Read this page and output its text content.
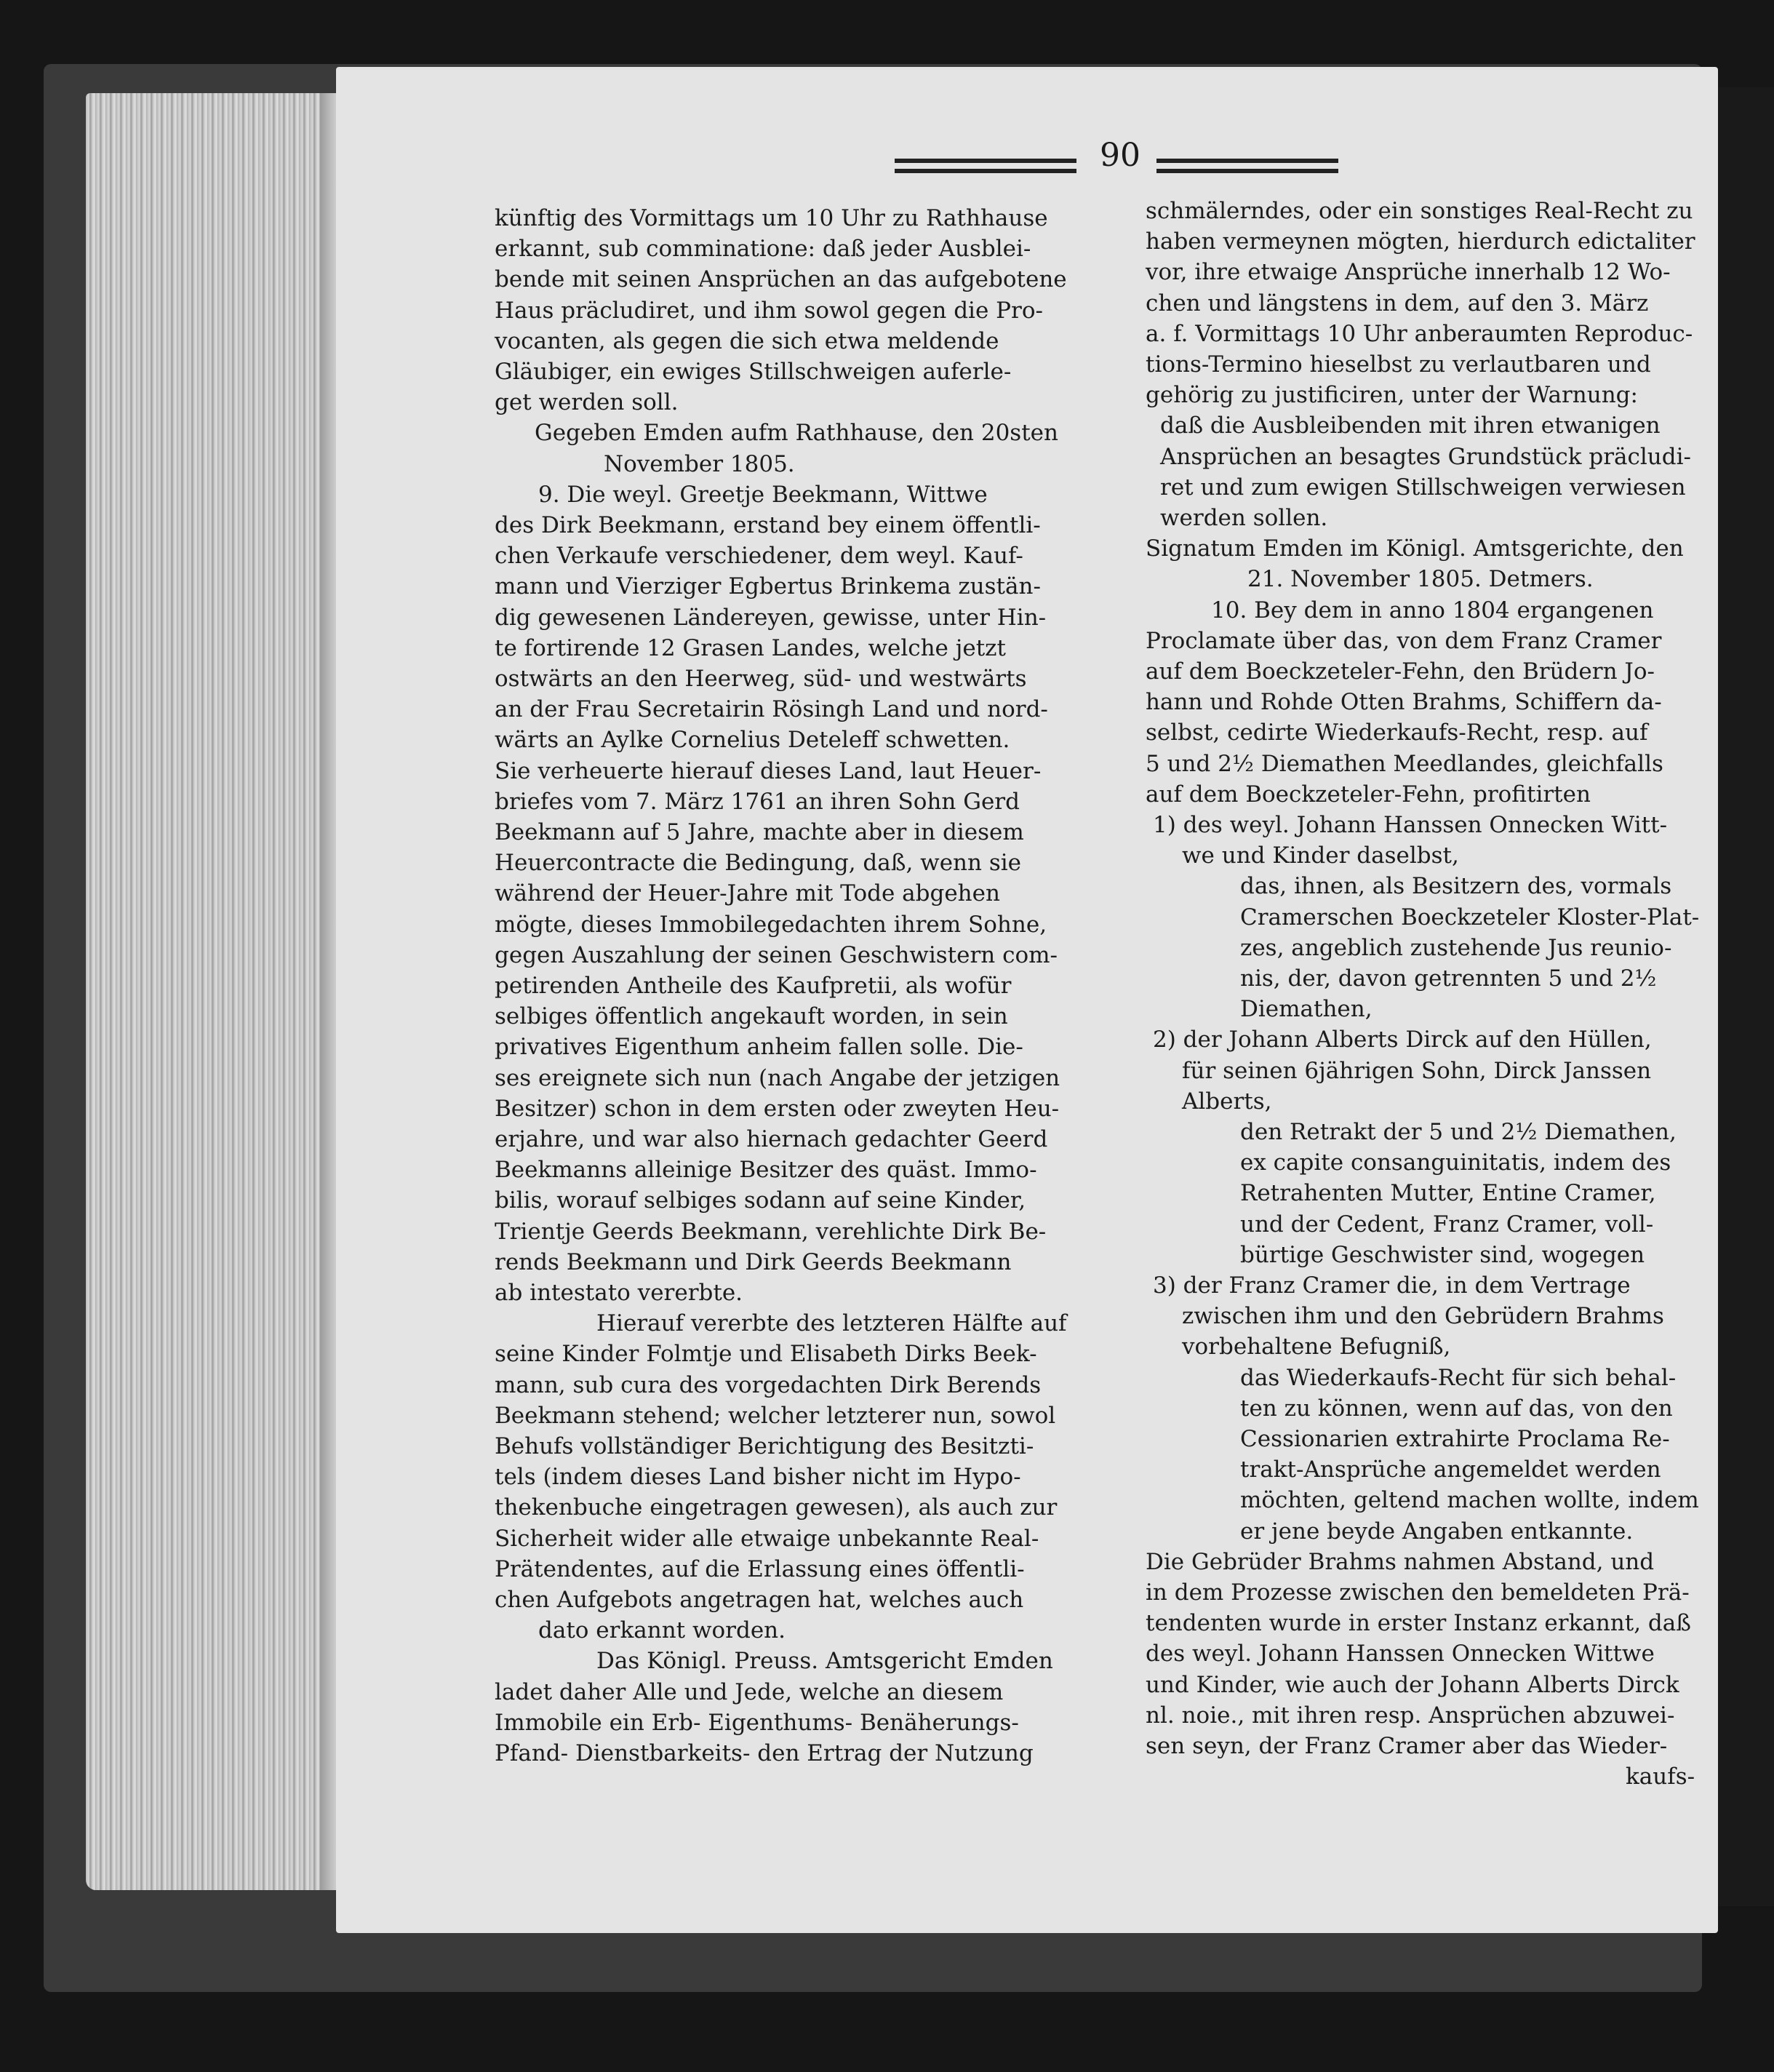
90
künftig des Vormittags um 10 Uhr zu Rathhause
erkannt, sub comminatione: daß jeder Ausblei-
bende mit seinen Ansprüchen an das aufgebotene
Haus präcludiret, und ihm sowol gegen die Pro-
vocanten, als gegen die sich etwa meldende
Gläubiger, ein ewiges Stillschweigen auferle-
get werden soll.
Gegeben Emden aufm Rathhause, den 20sten
November 1805.
9. Die weyl. Greetje Beekmann, Wittwe
des Dirk Beekmann, erstand bey einem öffentli-
chen Verkaufe verschiedener, dem weyl. Kauf-
mann und Vierziger Egbertus Brinkema zustän-
dig gewesenen Ländereyen, gewisse, unter Hin-
te fortirende 12 Grasen Landes, welche jetzt
ostwärts an den Heerweg, süd- und westwärts
an der Frau Secretairin Rösingh Land und nord-
wärts an Aylke Cornelius Deteleff schwetten.
Sie verheuerte hierauf dieses Land, laut Heuer-
briefes vom 7. März 1761 an ihren Sohn Gerd
Beekmann auf 5 Jahre, machte aber in diesem
Heuercontracte die Bedingung, daß, wenn sie
während der Heuer-Jahre mit Tode abgehen
mögte, dieses Immobilegedachten ihrem Sohne,
gegen Auszahlung der seinen Geschwistern com-
petirenden Antheile des Kaufpretii, als wofür
selbiges öffentlich angekauft worden, in sein
privatives Eigenthum anheim fallen solle. Die-
ses ereignete sich nun (nach Angabe der jetzigen
Besitzer) schon in dem ersten oder zweyten Heu-
erjahre, und war also hiernach gedachter Geerd
Beekmanns alleinige Besitzer des quäst. Immo-
bilis, worauf selbiges sodann auf seine Kinder,
Trientje Geerds Beekmann, verehlichte Dirk Be-
rends Beekmann und Dirk Geerds Beekmann
ab intestato vererbte.
Hierauf vererbte des letzteren Hälfte auf
seine Kinder Folmtje und Elisabeth Dirks Beek-
mann, sub cura des vorgedachten Dirk Berends
Beekmann stehend; welcher letzterer nun, sowol
Behufs vollständiger Berichtigung des Besitzti-
tels (indem dieses Land bisher nicht im Hypo-
thekenbuche eingetragen gewesen), als auch zur
Sicherheit wider alle etwaige unbekannte Real-
Prätendentes, auf die Erlassung eines öffentli-
chen Aufgebots angetragen hat, welches auch
dato erkannt worden.
Das Königl. Preuss. Amtsgericht Emden
ladet daher Alle und Jede, welche an diesem
Immobile ein Erb- Eigenthums- Benäherungs-
Pfand- Dienstbarkeits- den Ertrag der Nutzung
schmälerndes, oder ein sonstiges Real-Recht zu
haben vermeynen mögten, hierdurch edictaliter
vor, ihre etwaige Ansprüche innerhalb 12 Wo-
chen und längstens in dem, auf den 3. März
a. f. Vormittags 10 Uhr anberaumten Reproduc-
tions-Termino hieselbst zu verlautbaren und
gehörig zu justificiren, unter der Warnung:
daß die Ausbleibenden mit ihren etwanigen
Ansprüchen an besagtes Grundstück präcludi-
ret und zum ewigen Stillschweigen verwiesen
werden sollen.
Signatum Emden im Königl. Amtsgerichte, den
21. November 1805. Detmers.
10. Bey dem in anno 1804 ergangenen
Proclamate über das, von dem Franz Cramer
auf dem Boeckzeteler-Fehn, den Brüdern Jo-
hann und Rohde Otten Brahms, Schiffern da-
selbst, cedirte Wiederkaufs-Recht, resp. auf
5 und 2½ Diemathen Meedlandes, gleichfalls
auf dem Boeckzeteler-Fehn, profitirten
1) des weyl. Johann Hanssen Onnecken Witt-
we und Kinder daselbst,
das, ihnen, als Besitzern des, vormals
Cramerschen Boeckzeteler Kloster-Plat-
zes, angeblich zustehende Jus reunio-
nis, der, davon getrennten 5 und 2½
Diemathen,
2) der Johann Alberts Dirck auf den Hüllen,
für seinen 6jährigen Sohn, Dirck Janssen
Alberts,
den Retrakt der 5 und 2½ Diemathen,
ex capite consanguinitatis, indem des
Retrahenten Mutter, Entine Cramer,
und der Cedent, Franz Cramer, voll-
bürtige Geschwister sind, wogegen
3) der Franz Cramer die, in dem Vertrage
zwischen ihm und den Gebrüdern Brahms
vorbehaltene Befugniß,
das Wiederkaufs-Recht für sich behal-
ten zu können, wenn auf das, von den
Cessionarien extrahirte Proclama Re-
trakt-Ansprüche angemeldet werden
möchten, geltend machen wollte, indem
er jene beyde Angaben entkannte.
Die Gebrüder Brahms nahmen Abstand, und
in dem Prozesse zwischen den bemeldeten Prä-
tendenten wurde in erster Instanz erkannt, daß
des weyl. Johann Hanssen Onnecken Wittwe
und Kinder, wie auch der Johann Alberts Dirck
nl. noie., mit ihren resp. Ansprüchen abzuwei-
sen seyn, der Franz Cramer aber das Wieder-
kaufs-
